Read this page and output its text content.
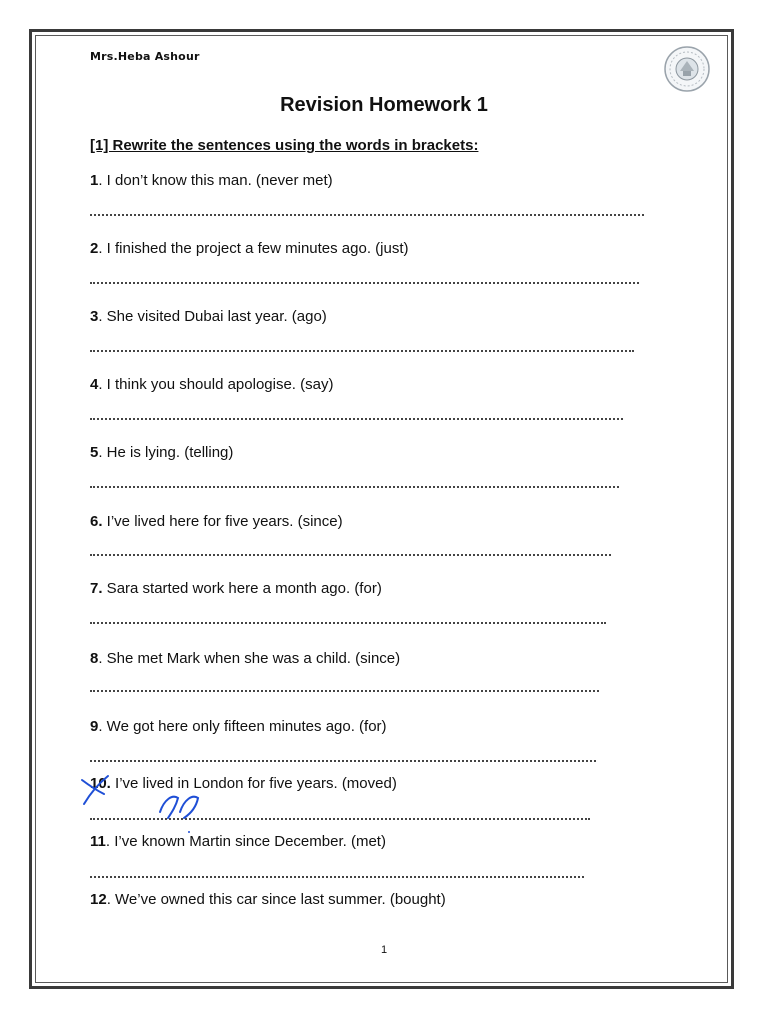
Mrs.Heba Ashour
Revision Homework 1
[1] Rewrite the sentences using the words in brackets:
1. I don’t know this man. (never met)
2. I finished the project a few minutes ago. (just)
3. She visited Dubai last year. (ago)
4. I think you should apologise. (say)
5. He is lying. (telling)
6. I’ve lived here for five years. (since)
7. Sara started work here a month ago. (for)
8. She met Mark when she was a child. (since)
9. We got here only fifteen minutes ago. (for)
10. I’ve lived in London for five years. (moved)
11. I’ve known Martin since December. (met)
12. We’ve owned this car since last summer. (bought)
1
